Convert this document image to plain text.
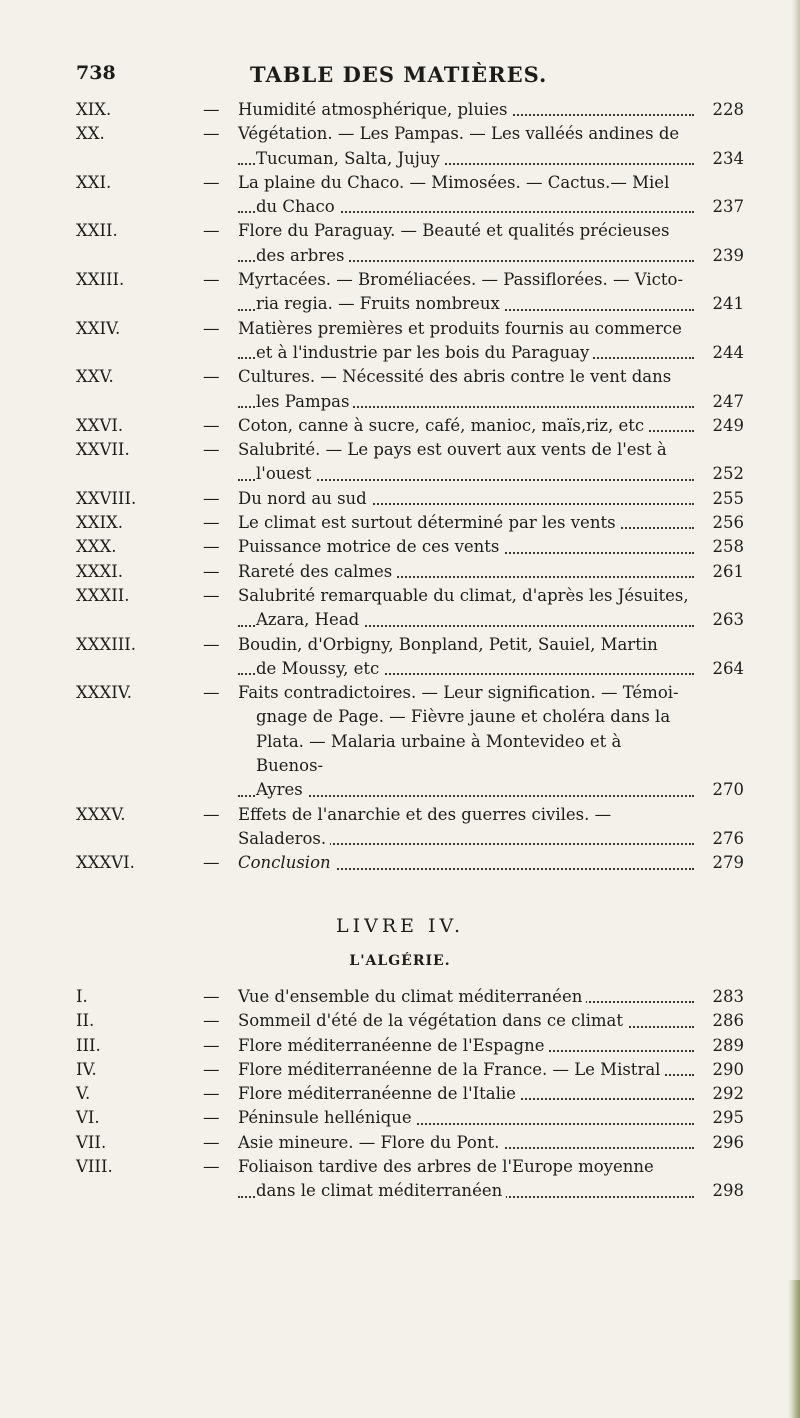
738	TABLE DES MATIÈRES.
XIX.	— Humidité atmosphérique, pluies	228
XX.	— Végétation. — Les Pampas. — Les valléés andines de
Tucuman, Salta, Jujuy	234
XXI.	— La plaine du Chaco. — Mimosées. — Cactus.— Miel
du Chaco	237
XXII.	— Flore du Paraguay. — Beauté et qualités précieuses
des arbres	239
XXIII.	— Myrtacées. — Broméliacées. — Passiflorées. — Victo-
ria regia. — Fruits nombreux	241
XXIV.	— Matières premières et produits fournis au commerce
et à l'industrie par les bois du Paraguay	244
XXV.	— Cultures. — Nécessité des abris contre le vent dans
les Pampas	247
XXVI.	— Coton, canne à sucre, café, manioc, maïs,riz, etc	249
XXVII.	— Salubrité. — Le pays est ouvert aux vents de l'est à
l'ouest	252
XXVIII.	— Du nord au sud	255
XXIX.	— Le climat est surtout déterminé par les vents	256
XXX.	— Puissance motrice de ces vents	258
XXXI.	— Rareté des calmes	261
XXXII.	— Salubrité remarquable du climat, d'après les Jésuites,
Azara, Head	263
XXXIII.	— Boudin, d'Orbigny, Bonpland, Petit, Sauiel, Martin
de Moussy, etc	264
XXXIV.	— Faits contradictoires. — Leur signification. — Témoi-
gnage de Page. — Fièvre jaune et choléra dans la
Plata. — Malaria urbaine à Montevideo et à Buenos-
Ayres	270
XXXV.	— Effets de l'anarchie et des guerres civiles. — Saladeros.	276
XXXVI.	— Conclusion	279
LIVRE IV.
L'ALGÉRIE.
I.	— Vue d'ensemble du climat méditerranéen	283
II.	— Sommeil d'été de la végétation dans ce climat	286
III.	— Flore méditerranéenne de l'Espagne	289
IV.	— Flore méditerranéenne de la France. — Le Mistral	290
V.	— Flore méditerranéenne de l'Italie	292
VI.	— Péninsule hellénique	295
VII.	— Asie mineure. — Flore du Pont.	296
VIII.	— Foliaison tardive des arbres de l'Europe moyenne
dans le climat méditerranéen	298
